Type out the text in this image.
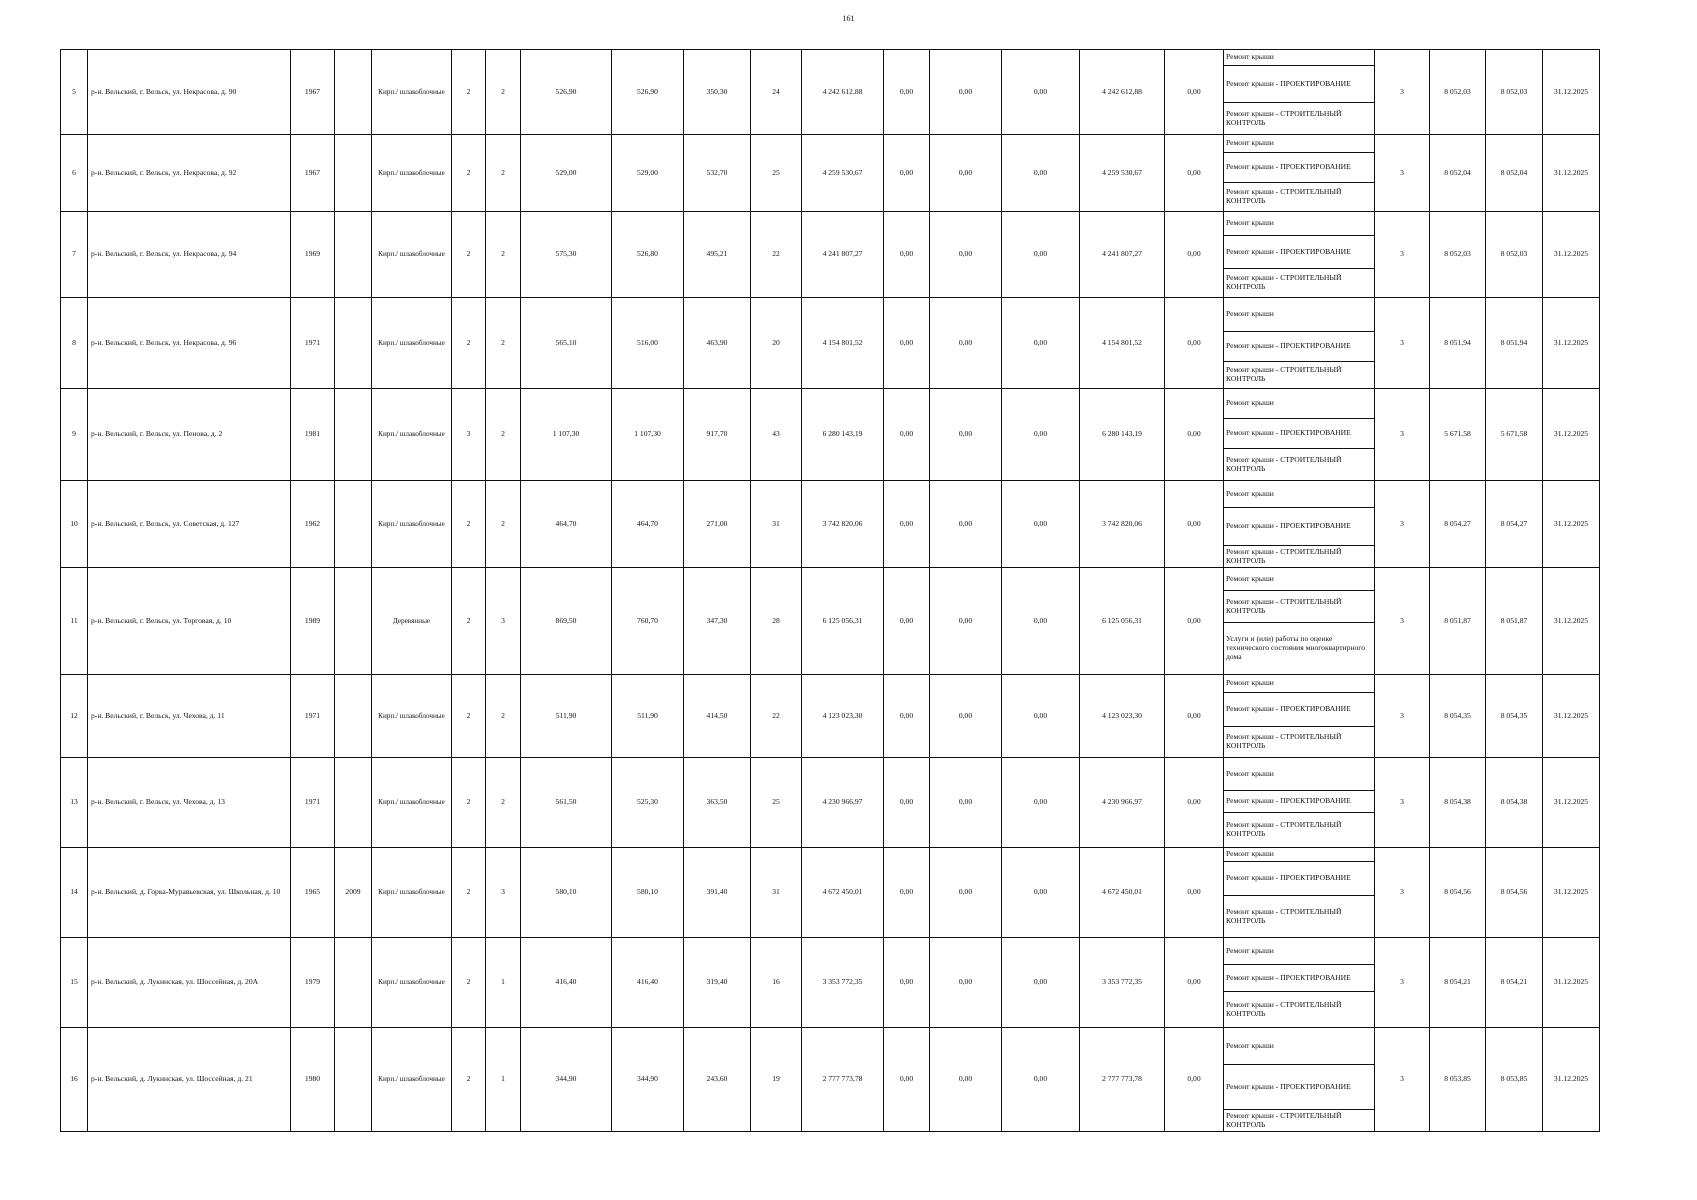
161
5	р-н. Вельский, г. Вельск, ул. Некрасова, д. 90	1967		Кирп./ шлакоблочные	2	2	526,90	526,90	350,30	24	4 242 612,88	0,00	0,00	0,00	4 242 612,88	0,00	Ремонт крыши	3	8 052,03	8 052,03	31.12.2025
																	Ремонт крыши - ПРОЕКТИРОВАНИЕ				
																	Ремонт крыши - СТРОИТЕЛЬНЫЙ КОНТРОЛЬ				
6	р-н. Вельский, г. Вельск, ул. Некрасова, д. 92	1967		Кирп./ шлакоблочные	2	2	529,00	529,00	532,70	25	4 259 530,67	0,00	0,00	0,00	4 259 530,67	0,00	Ремонт крыши	3	8 052,04	8 052,04	31.12.2025
																	Ремонт крыши - ПРОЕКТИРОВАНИЕ				
																	Ремонт крыши - СТРОИТЕЛЬНЫЙ КОНТРОЛЬ				
7	р-н. Вельский, г. Вельск, ул. Некрасова, д. 94	1969		Кирп./ шлакоблочные	2	2	575,30	526,80	495,21	22	4 241 807,27	0,00	0,00	0,00	4 241 807,27	0,00	Ремонт крыши	3	8 052,03	8 052,03	31.12.2025
																	Ремонт крыши - ПРОЕКТИРОВАНИЕ				
																	Ремонт крыши - СТРОИТЕЛЬНЫЙ КОНТРОЛЬ				
8	р-н. Вельский, г. Вельск, ул. Некрасова, д. 96	1971		Кирп./ шлакоблочные	2	2	565,10	516,00	463,90	20	4 154 801,52	0,00	0,00	0,00	4 154 801,52	0,00	Ремонт крыши	3	8 051,94	8 051,94	31.12.2025
																	Ремонт крыши - ПРОЕКТИРОВАНИЕ				
																	Ремонт крыши - СТРОИТЕЛЬНЫЙ КОНТРОЛЬ				
9	р-н. Вельский, г. Вельск, ул. Пенова, д. 2	1981		Кирп./ шлакоблочные	3	2	1 107,30	1 107,30	917,70	43	6 280 143,19	0,00	0,00	0,00	6 280 143,19	0,00	Ремонт крыши	3	5 671,58	5 671,58	31.12.2025
																	Ремонт крыши - ПРОЕКТИРОВАНИЕ				
																	Ремонт крыши - СТРОИТЕЛЬНЫЙ КОНТРОЛЬ				
10	р-н. Вельский, г. Вельск, ул. Советская, д. 127	1962		Кирп./ шлакоблочные	2	2	464,70	464,70	271,00	31	3 742 820,06	0,00	0,00	0,00	3 742 820,06	0,00	Ремонт крыши	3	8 054,27	8 054,27	31.12.2025
																	Ремонт крыши - ПРОЕКТИРОВАНИЕ				
																	Ремонт крыши - СТРОИТЕЛЬНЫЙ КОНТРОЛЬ				
11	р-н. Вельский, г. Вельск, ул. Торговая, д. 10	1989		Деревянные	2	3	869,50	760,70	347,30	28	6 125 056,31	0,00	0,00	0,00	6 125 056,31	0,00	Ремонт крыши	3	8 051,87	8 051,87	31.12.2025
																	Ремонт крыши - СТРОИТЕЛЬНЫЙ КОНТРОЛЬ				
																	Услуги и (или) работы по оценке технического состояния многоквартирного дома				
12	р-н. Вельский, г. Вельск, ул. Чехова, д. 11	1971		Кирп./ шлакоблочные	2	2	511,90	511,90	414,50	22	4 123 023,30	0,00	0,00	0,00	4 123 023,30	0,00	Ремонт крыши	3	8 054,35	8 054,35	31.12.2025
																	Ремонт крыши - ПРОЕКТИРОВАНИЕ				
																	Ремонт крыши - СТРОИТЕЛЬНЫЙ КОНТРОЛЬ				
13	р-н. Вельский, г. Вельск, ул. Чехова, д. 13	1971		Кирп./ шлакоблочные	2	2	561,50	525,30	363,50	25	4 230 966,97	0,00	0,00	0,00	4 230 966,97	0,00	Ремонт крыши	3	8 054,38	8 054,38	31.12.2025
																	Ремонт крыши - ПРОЕКТИРОВАНИЕ				
																	Ремонт крыши - СТРОИТЕЛЬНЫЙ КОНТРОЛЬ				
14	р-н. Вельский, д. Горка-Муравьевская, ул. Школьная, д. 10	1965	2009	Кирп./ шлакоблочные	2	3	580,10	580,10	391,40	31	4 672 450,01	0,00	0,00	0,00	4 672 450,01	0,00	Ремонт крыши	3	8 054,56	8 054,56	31.12.2025
																	Ремонт крыши - ПРОЕКТИРОВАНИЕ				
																	Ремонт крыши - СТРОИТЕЛЬНЫЙ КОНТРОЛЬ				
15	р-н. Вельский, д. Лукинская, ул. Шоссейная, д. 20А	1979		Кирп./ шлакоблочные	2	1	416,40	416,40	319,40	16	3 353 772,35	0,00	0,00	0,00	3 353 772,35	0,00	Ремонт крыши	3	8 054,21	8 054,21	31.12.2025
																	Ремонт крыши - ПРОЕКТИРОВАНИЕ				
																	Ремонт крыши - СТРОИТЕЛЬНЫЙ КОНТРОЛЬ				
16	р-н. Вельский, д. Лукинская, ул. Шоссейная, д. 21	1980		Кирп./ шлакоблочные	2	1	344,90	344,90	243,60	19	2 777 773,78	0,00	0,00	0,00	2 777 773,78	0,00	Ремонт крыши	3	8 053,85	8 053,85	31.12.2025
																	Ремонт крыши - ПРОЕКТИРОВАНИЕ				
																	Ремонт крыши - СТРОИТЕЛЬНЫЙ КОНТРОЛЬ				
